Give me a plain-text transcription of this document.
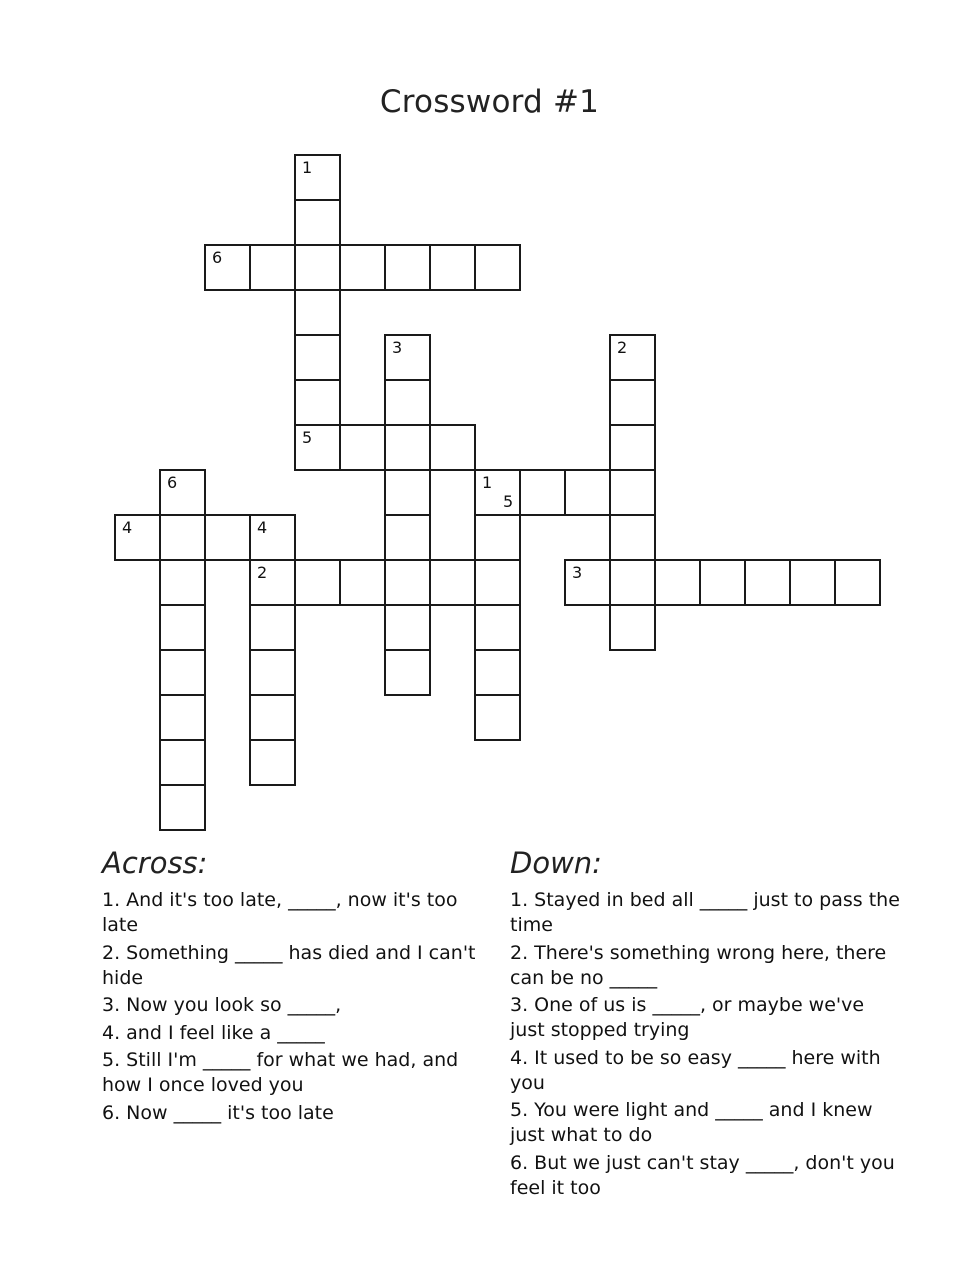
Crossword #1
1
6
3	2
5
6	1
5
4	4
2	3
Across:
1. And it's too late, _____, now it's too late
2. Something _____ has died and I can't hide
3. Now you look so _____,
4. and I feel like a _____
5. Still I'm _____ for what we had, and how I once loved you
6. Now _____ it's too late
Down:
1. Stayed in bed all _____ just to pass the time
2. There's something wrong here, there can be no _____
3. One of us is _____, or maybe we've just stopped trying
4. It used to be so easy _____ here with you
5. You were light and _____ and I knew just what to do
6. But we just can't stay _____, don't you feel it too
